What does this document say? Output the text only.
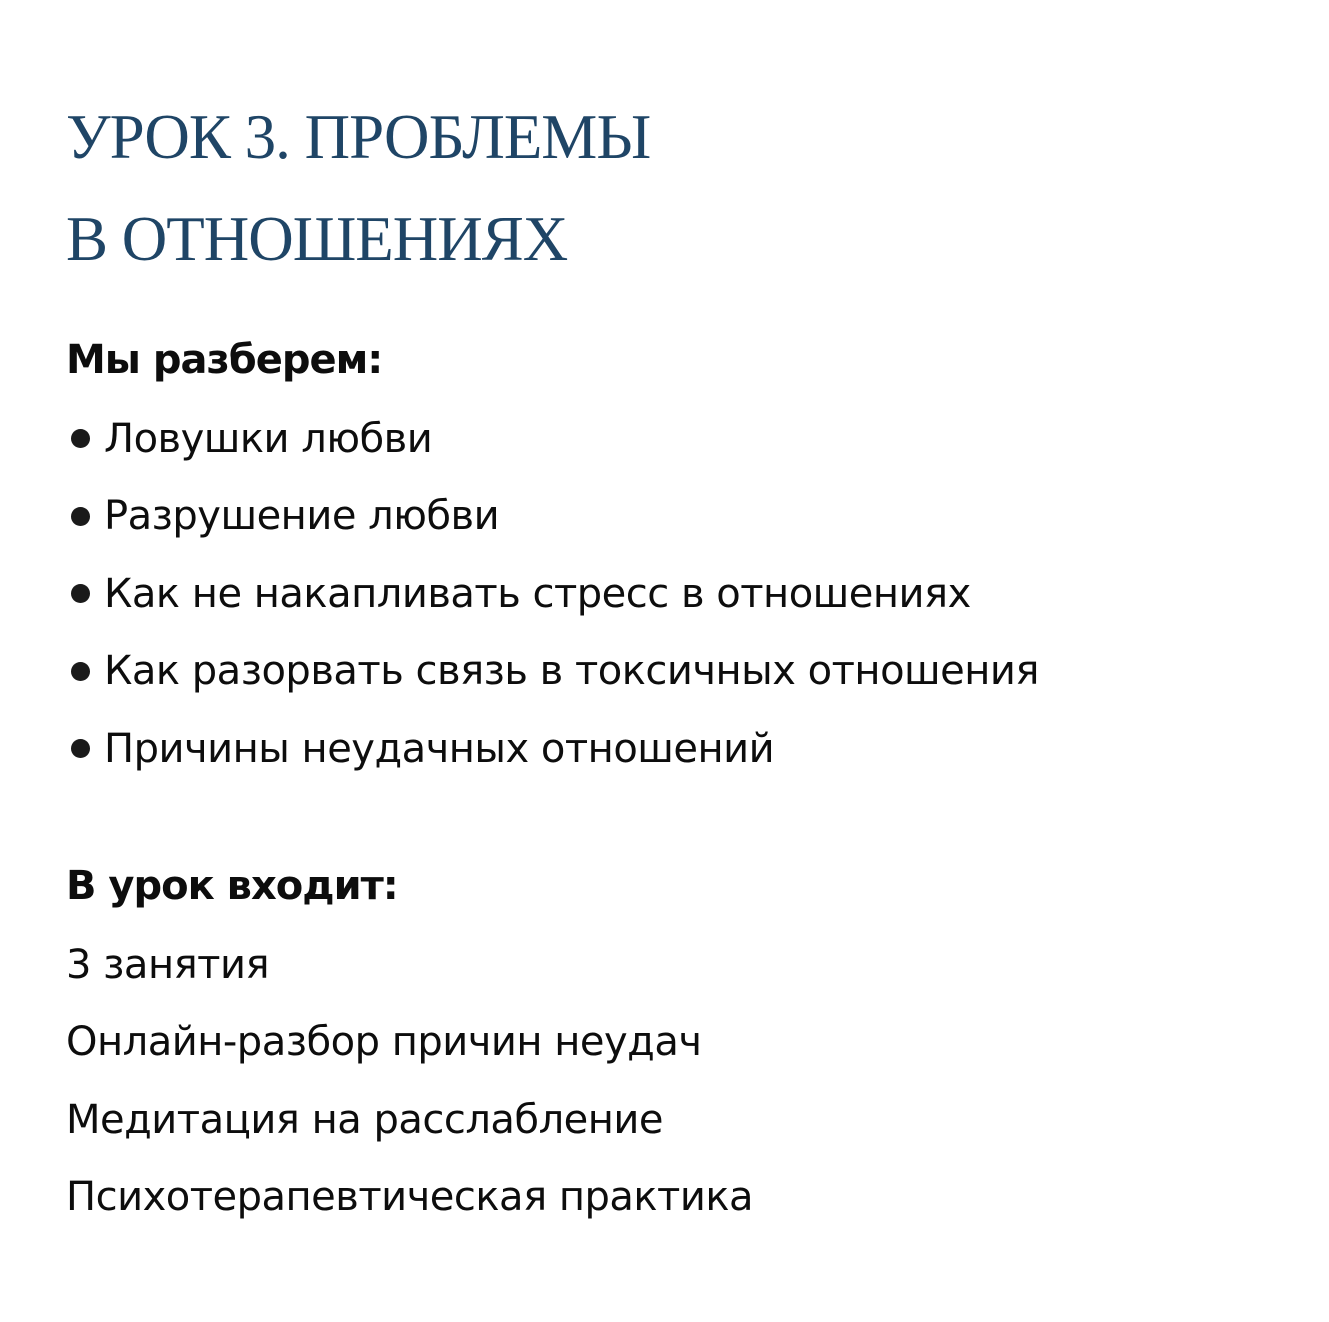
УРОК 3. ПРОБЛЕМЫ
В ОТНОШЕНИЯХ
Мы разберем:
Ловушки любви
Разрушение любви
Как не накапливать стресс в отношениях
Как разорвать связь в токсичных отношения
Причины неудачных отношений
В урок входит:
3 занятия
Онлайн-разбор причин неудач
Медитация на расслабление
Психотерапевтическая практика
